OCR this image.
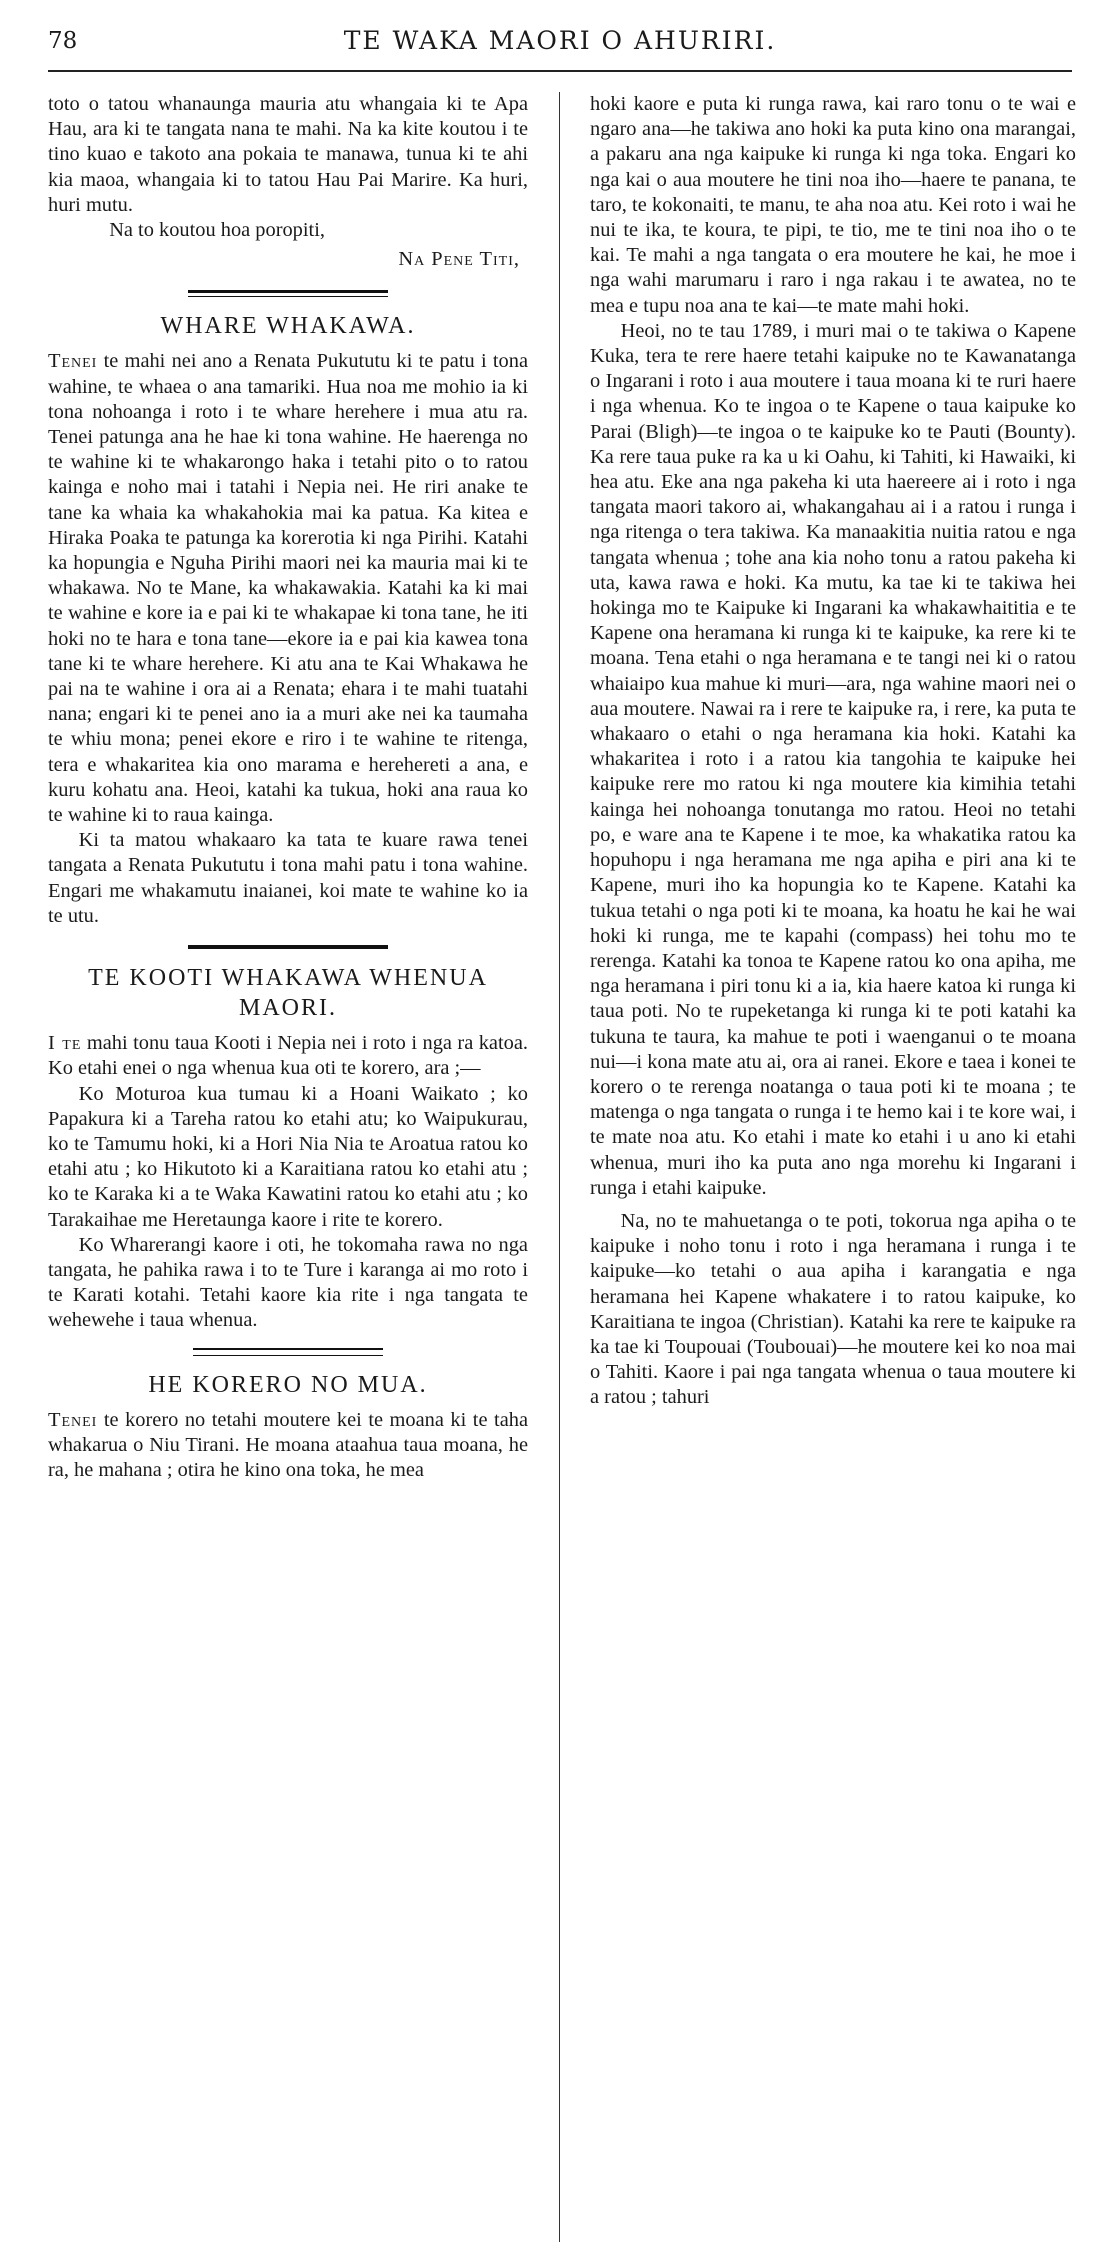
78	TE WAKA MAORI O AHURIRI.

toto o tatou whanaunga mauria atu whangaia ki te Apa Hau, ara ki te tangata nana te mahi. Na ka kite koutou i te tino kuao e takoto ana pokaia te manawa, tunua ki te ahi kia maoa, whangaia ki to tatou Hau Pai Marire. Ka huri, huri mutu.

Na to koutou hoa poropiti,

Na Pene Titi,
WHARE WHAKAWA.

Tenei te mahi nei ano a Renata Pukututu ki te patu i tona wahine, te whaea o ana tamariki. Hua noa me mohio ia ki tona nohoanga i roto i te whare herehere i mua atu ra. Tenei patunga ana he hae ki tona wahine. He haerenga no te wahine ki te whakarongo haka i tetahi pito o to ratou kainga e noho mai i tatahi i Nepia nei. He riri anake te tane ka whaia ka whakahokia mai ka patua. Ka kitea e Hiraka Poaka te patunga ka korerotia ki nga Pirihi. Katahi ka hopungia e Nguha Pirihi maori nei ka mauria mai ki te whakawa. No te Mane, ka whakawakia. Katahi ka ki mai te wahine e kore ia e pai ki te whakapae ki tona tane, he iti hoki no te hara e tona tane—ekore ia e pai kia kawea tona tane ki te whare herehere. Ki atu ana te Kai Whakawa he pai na te wahine i ora ai a Renata; ehara i te mahi tuatahi nana; engari ki te penei ano ia a muri ake nei ka taumaha te whiu mona; penei ekore e riro i te wahine te ritenga, tera e whakaritea kia ono marama e herehereti a ana, e kuru kohatu ana. Heoi, katahi ka tukua, hoki ana raua ko te wahine ki to raua kainga.

Ki ta matou whakaaro ka tata te kuare rawa tenei tangata a Renata Pukututu i tona mahi patu i tona wahine. Engari me whakamutu inaianei, koi mate te wahine ko ia te utu.

TE KOOTI WHAKAWA WHENUA MAORI.

I te mahi tonu taua Kooti i Nepia nei i roto i nga ra katoa. Ko etahi enei o nga whenua kua oti te korero, ara ;—

Ko Moturoa kua tumau ki a Hoani Waikato ; ko Papakura ki a Tareha ratou ko etahi atu; ko Waipukurau, ko te Tamumu hoki, ki a Hori Nia Nia te Aroatua ratou ko etahi atu ; ko Hikutoto ki a Karaitiana ratou ko etahi atu ; ko te Karaka ki a te Waka Kawatini ratou ko etahi atu ; ko Tarakaihae me Heretaunga kaore i rite te korero.

Ko Wharerangi kaore i oti, he tokomaha rawa no nga tangata, he pahika rawa i to te Ture i karanga ai mo roto i te Karati kotahi. Tetahi kaore kia rite i nga tangata te wehewehe i taua whenua.

HE KORERO NO MUA.

Tenei te korero no tetahi moutere kei te moana ki te taha whakarua o Niu Tirani. He moana ataahua taua moana, he ra, he mahana ; otira he kino ona toka, he mea

hoki kaore e puta ki runga rawa, kai raro tonu o te wai e ngaro ana—he takiwa ano hoki ka puta kino ona marangai, a pakaru ana nga kaipuke ki runga ki nga toka. Engari ko nga kai o aua moutere he tini noa iho—haere te panana, te taro, te kokonaiti, te manu, te aha noa atu. Kei roto i wai he nui te ika, te koura, te pipi, te tio, me te tini noa iho o te kai. Te mahi a nga tangata o era moutere he kai, he moe i nga wahi marumaru i raro i nga rakau i te awatea, no te mea e tupu noa ana te kai—te mate mahi hoki.

Heoi, no te tau 1789, i muri mai o te takiwa o Kapene Kuka, tera te rere haere tetahi kaipuke no te Kawanatanga o Ingarani i roto i aua moutere i taua moana ki te ruri haere i nga whenua. Ko te ingoa o te Kapene o taua kaipuke ko Parai (Bligh)—te ingoa o te kaipuke ko te Pauti (Bounty). Ka rere taua puke ra ka u ki Oahu, ki Tahiti, ki Hawaiki, ki hea atu. Eke ana nga pakeha ki uta haereere ai i roto i nga tangata maori takoro ai, whakangahau ai i a ratou i runga i nga ritenga o tera takiwa. Ka manaakitia nuitia ratou e nga tangata whenua ; tohe ana kia noho tonu a ratou pakeha ki uta, kawa rawa e hoki. Ka mutu, ka tae ki te takiwa hei hokinga mo te Kaipuke ki Ingarani ka whakawhaititia e te Kapene ona heramana ki runga ki te kaipuke, ka rere ki te moana. Tena etahi o nga heramana e te tangi nei ki o ratou whaiaipo kua mahue ki muri—ara, nga wahine maori nei o aua moutere. Nawai ra i rere te kaipuke ra, i rere, ka puta te whakaaro o etahi o nga heramana kia hoki. Katahi ka whakaritea i roto i a ratou kia tangohia te kaipuke hei kaipuke rere mo ratou ki nga moutere kia kimihia tetahi kainga hei nohoanga tonutanga mo ratou. Heoi no tetahi po, e ware ana te Kapene i te moe, ka whakatika ratou ka hopuhopu i nga heramana me nga apiha e piri ana ki te Kapene, muri iho ka hopungia ko te Kapene. Katahi ka tukua tetahi o nga poti ki te moana, ka hoatu he kai he wai hoki ki runga, me te kapahi (compass) hei tohu mo te rerenga. Katahi ka tonoa te Kapene ratou ko ona apiha, me nga heramana i piri tonu ki a ia, kia haere katoa ki runga ki taua poti. No te rupeketanga ki runga ki te poti katahi ka tukuna te taura, ka mahue te poti i waenganui o te moana nui—i kona mate atu ai, ora ai ranei. Ekore e taea i konei te korero o te rerenga noatanga o taua poti ki te moana ; te matenga o nga tangata o runga i te hemo kai i te kore wai, i te mate noa atu. Ko etahi i mate ko etahi i u ano ki etahi whenua, muri iho ka puta ano nga morehu ki Ingarani i runga i etahi kaipuke.

Na, no te mahuetanga o te poti, tokorua nga apiha o te kaipuke i noho tonu i roto i nga heramana i runga i te kaipuke—ko tetahi o aua apiha i karangatia e nga heramana hei Kapene whakatere i to ratou kaipuke, ko Karaitiana te ingoa (Christian). Katahi ka rere te kaipuke ra ka tae ki Toupouai (Toubouai)—he moutere kei ko noa mai o Tahiti. Kaore i pai nga tangata whenua o taua moutere ki a ratou ; tahuri
